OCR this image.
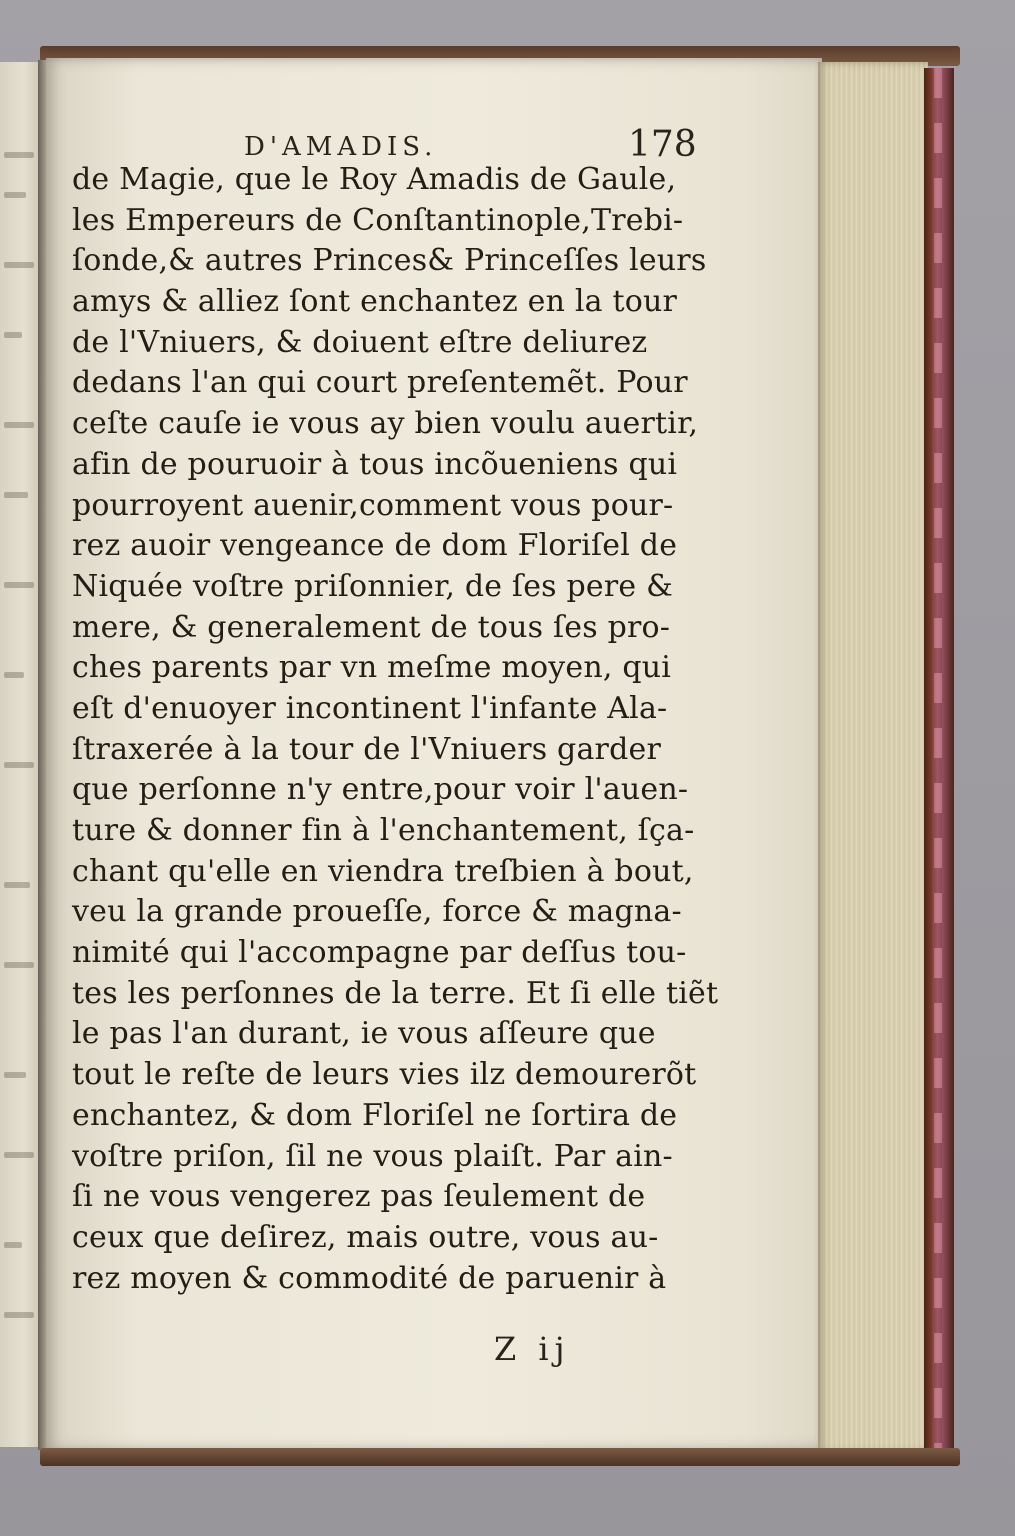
D'AMADIS.	178
de Magie, que le Roy Amadis de Gaule,
les Empereurs de Conſtantinople,Trebi-
ſonde,& autres Princes& Princeſſes leurs
amys & alliez ſont enchantez en la tour
de l'Vniuers, & doiuent eſtre deliurez
dedans l'an qui court preſentemẽt. Pour
ceſte cauſe ie vous ay bien voulu auertir,
afin de pouruoir à tous incõueniens qui
pourroyent auenir,comment vous pour-
rez auoir vengeance de dom Floriſel de
Niquée voſtre priſonnier, de ſes pere &
mere, & generalement de tous ſes pro-
ches parents par vn meſme moyen, qui
eſt d'enuoyer incontinent l'infante Ala-
ſtraxerée à la tour de l'Vniuers garder
que perſonne n'y entre,pour voir l'auen-
ture & donner fin à l'enchantement, ſça-
chant qu'elle en viendra treſbien à bout,
veu la grande proueſſe, force & magna-
nimité qui l'accompagne par deſſus tou-
tes les perſonnes de la terre. Et ſi elle tiẽt
le pas l'an durant, ie vous aſſeure que
tout le reſte de leurs vies ilz demourerõt
enchantez, & dom Floriſel ne ſortira de
voſtre priſon, ſil ne vous plaiſt. Par ain-
ſi ne vous vengerez pas ſeulement de
ceux que deſirez, mais outre, vous au-
rez moyen & commodité de paruenir à
Z ij
